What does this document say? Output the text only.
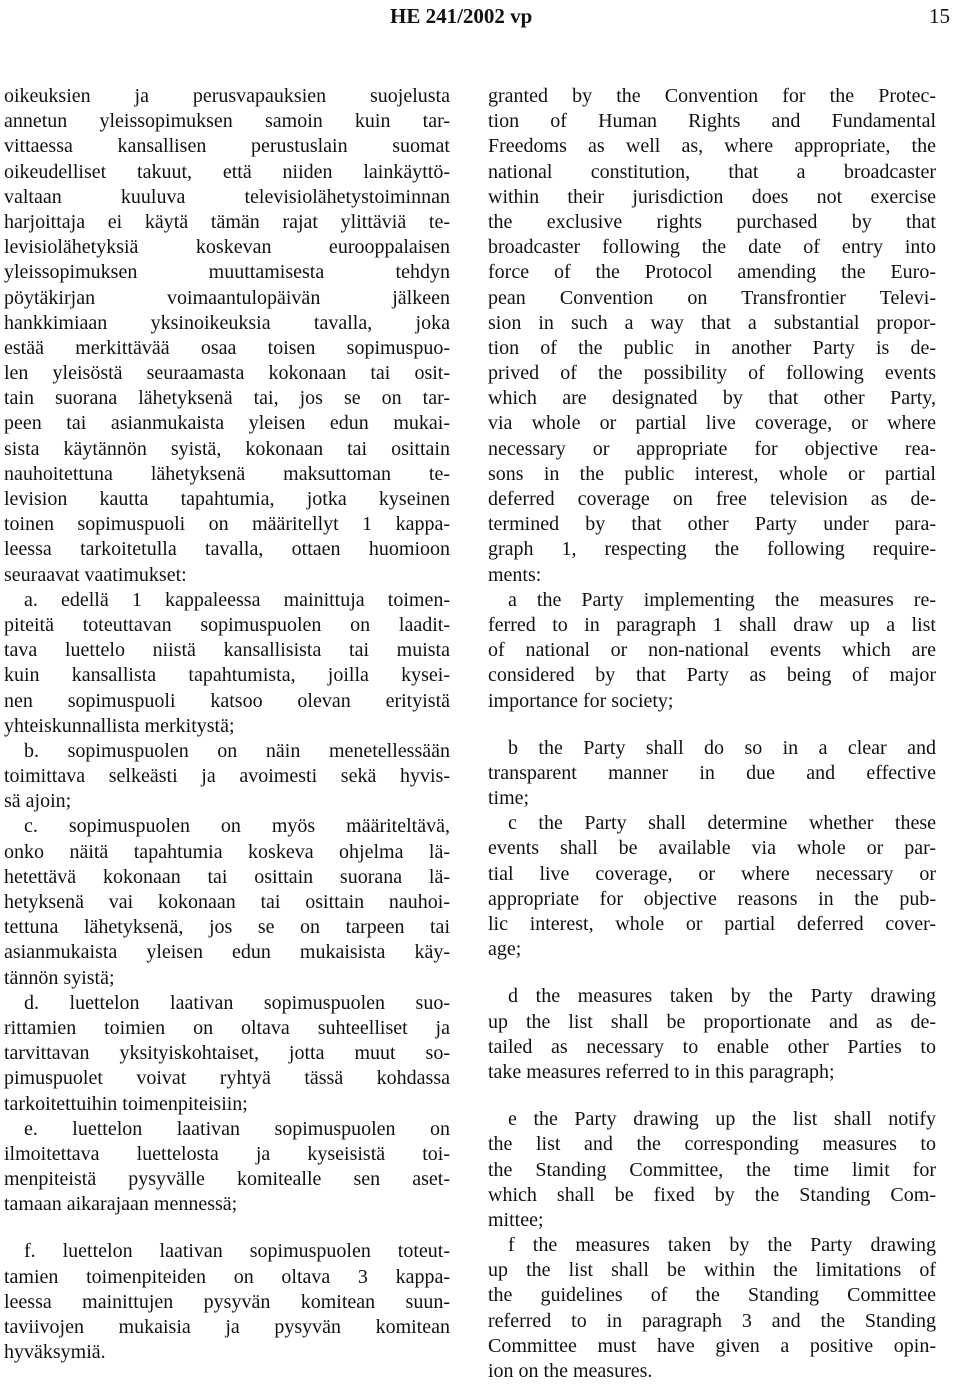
HE 241/2002 vp	15
oikeuksien ja perusvapauksien suojelusta
annetun yleissopimuksen samoin kuin tar-
vittaessa kansallisen perustuslain suomat
oikeudelliset takuut, että niiden lainkäyttö-
valtaan kuuluva televisiolähetystoiminnan
harjoittaja ei käytä tämän rajat ylittäviä te-
levisiolähetyksiä koskevan eurooppalaisen
yleissopimuksen muuttamisesta tehdyn
pöytäkirjan voimaantulopäivän jälkeen
hankkimiaan yksinoikeuksia tavalla, joka
estää merkittävää osaa toisen sopimuspuo-
len yleisöstä seuraamasta kokonaan tai osit-
tain suorana lähetyksenä tai, jos se on tar-
peen tai asianmukaista yleisen edun mukai-
sista käytännön syistä, kokonaan tai osittain
nauhoitettuna lähetyksenä maksuttoman te-
levision kautta tapahtumia, jotka kyseinen
toinen sopimuspuoli on määritellyt 1 kappa-
leessa tarkoitetulla tavalla, ottaen huomioon
seuraavat vaatimukset:
a. edellä 1 kappaleessa mainittuja toimen-
piteitä toteuttavan sopimuspuolen on laadit-
tava luettelo niistä kansallisista tai muista
kuin kansallista tapahtumista, joilla kysei-
nen sopimuspuoli katsoo olevan erityistä
yhteiskunnallista merkitystä;
b. sopimuspuolen on näin menetellessään
toimittava selkeästi ja avoimesti sekä hyvis-
sä ajoin;
c. sopimuspuolen on myös määriteltävä,
onko näitä tapahtumia koskeva ohjelma lä-
hetettävä kokonaan tai osittain suorana lä-
hetyksenä vai kokonaan tai osittain nauhoi-
tettuna lähetyksenä, jos se on tarpeen tai
asianmukaista yleisen edun mukaisista käy-
tännön syistä;
d. luettelon laativan sopimuspuolen suo-
rittamien toimien on oltava suhteelliset ja
tarvittavan yksityiskohtaiset, jotta muut so-
pimuspuolet voivat ryhtyä tässä kohdassa
tarkoitettuihin toimenpiteisiin;
e. luettelon laativan sopimuspuolen on
ilmoitettava luettelosta ja kyseisistä toi-
menpiteistä pysyvälle komitealle sen aset-
tamaan aikarajaan mennessä;
f. luettelon laativan sopimuspuolen toteut-
tamien toimenpiteiden on oltava 3 kappa-
leessa mainittujen pysyvän komitean suun-
taviivojen mukaisia ja pysyvän komitean
hyväksymiä.
granted by the Convention for the Protec-
tion of Human Rights and Fundamental
Freedoms as well as, where appropriate, the
national constitution, that a broadcaster
within their jurisdiction does not exercise
the exclusive rights purchased by that
broadcaster following the date of entry into
force of the Protocol amending the Euro-
pean Convention on Transfrontier Televi-
sion in such a way that a substantial propor-
tion of the public in another Party is de-
prived of the possibility of following events
which are designated by that other Party,
via whole or partial live coverage, or where
necessary or appropriate for objective rea-
sons in the public interest, whole or partial
deferred coverage on free television as de-
termined by that other Party under para-
graph 1, respecting the following require-
ments:
a the Party implementing the measures re-
ferred to in paragraph 1 shall draw up a list
of national or non-national events which are
considered by that Party as being of major
importance for society;
b the Party shall do so in a clear and
transparent manner in due and effective
time;
c the Party shall determine whether these
events shall be available via whole or par-
tial live coverage, or where necessary or
appropriate for objective reasons in the pub-
lic interest, whole or partial deferred cover-
age;
d the measures taken by the Party drawing
up the list shall be proportionate and as de-
tailed as necessary to enable other Parties to
take measures referred to in this paragraph;
e the Party drawing up the list shall notify
the list and the corresponding measures to
the Standing Committee, the time limit for
which shall be fixed by the Standing Com-
mittee;
f the measures taken by the Party drawing
up the list shall be within the limitations of
the guidelines of the Standing Committee
referred to in paragraph 3 and the Standing
Committee must have given a positive opin-
ion on the measures.
